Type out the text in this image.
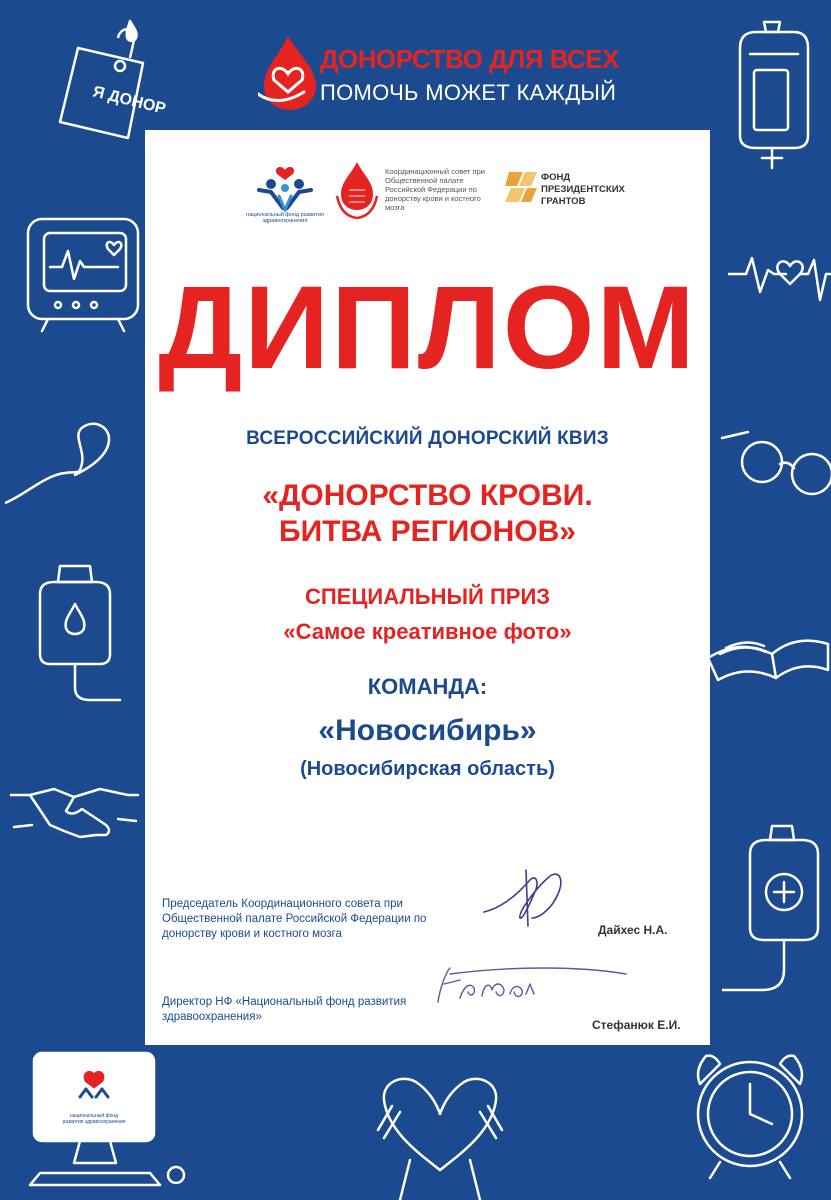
Я ДОНОР
национальный фонд развития здравоохранения
ДОНОРСТВО ДЛЯ ВСЕХ
ПОМОЧЬ МОЖЕТ КАЖДЫЙ
национальный фонд развития здравоохранения
Координационный совет при Общественной палате Российской Федерации по донорству крови и костного мозга
ФОНД ПРЕЗИДЕНТСКИХ ГРАНТОВ
ДИПЛОМ
ВСЕРОССИЙСКИЙ ДОНОРСКИЙ КВИЗ
«ДОНОРСТВО КРОВИ.
БИТВА РЕГИОНОВ»
СПЕЦИАЛЬНЫЙ ПРИЗ
«Самое креативное фото»
КОМАНДА:
«Новосибирь»
(Новосибирская область)
Председатель Координационного совета при Общественной палате Российской Федерации по донорству крови и костного мозга	Дайхес Н.А.
Директор НФ «Национальный фонд развития здравоохранения»
Стефанюк Е.И.
